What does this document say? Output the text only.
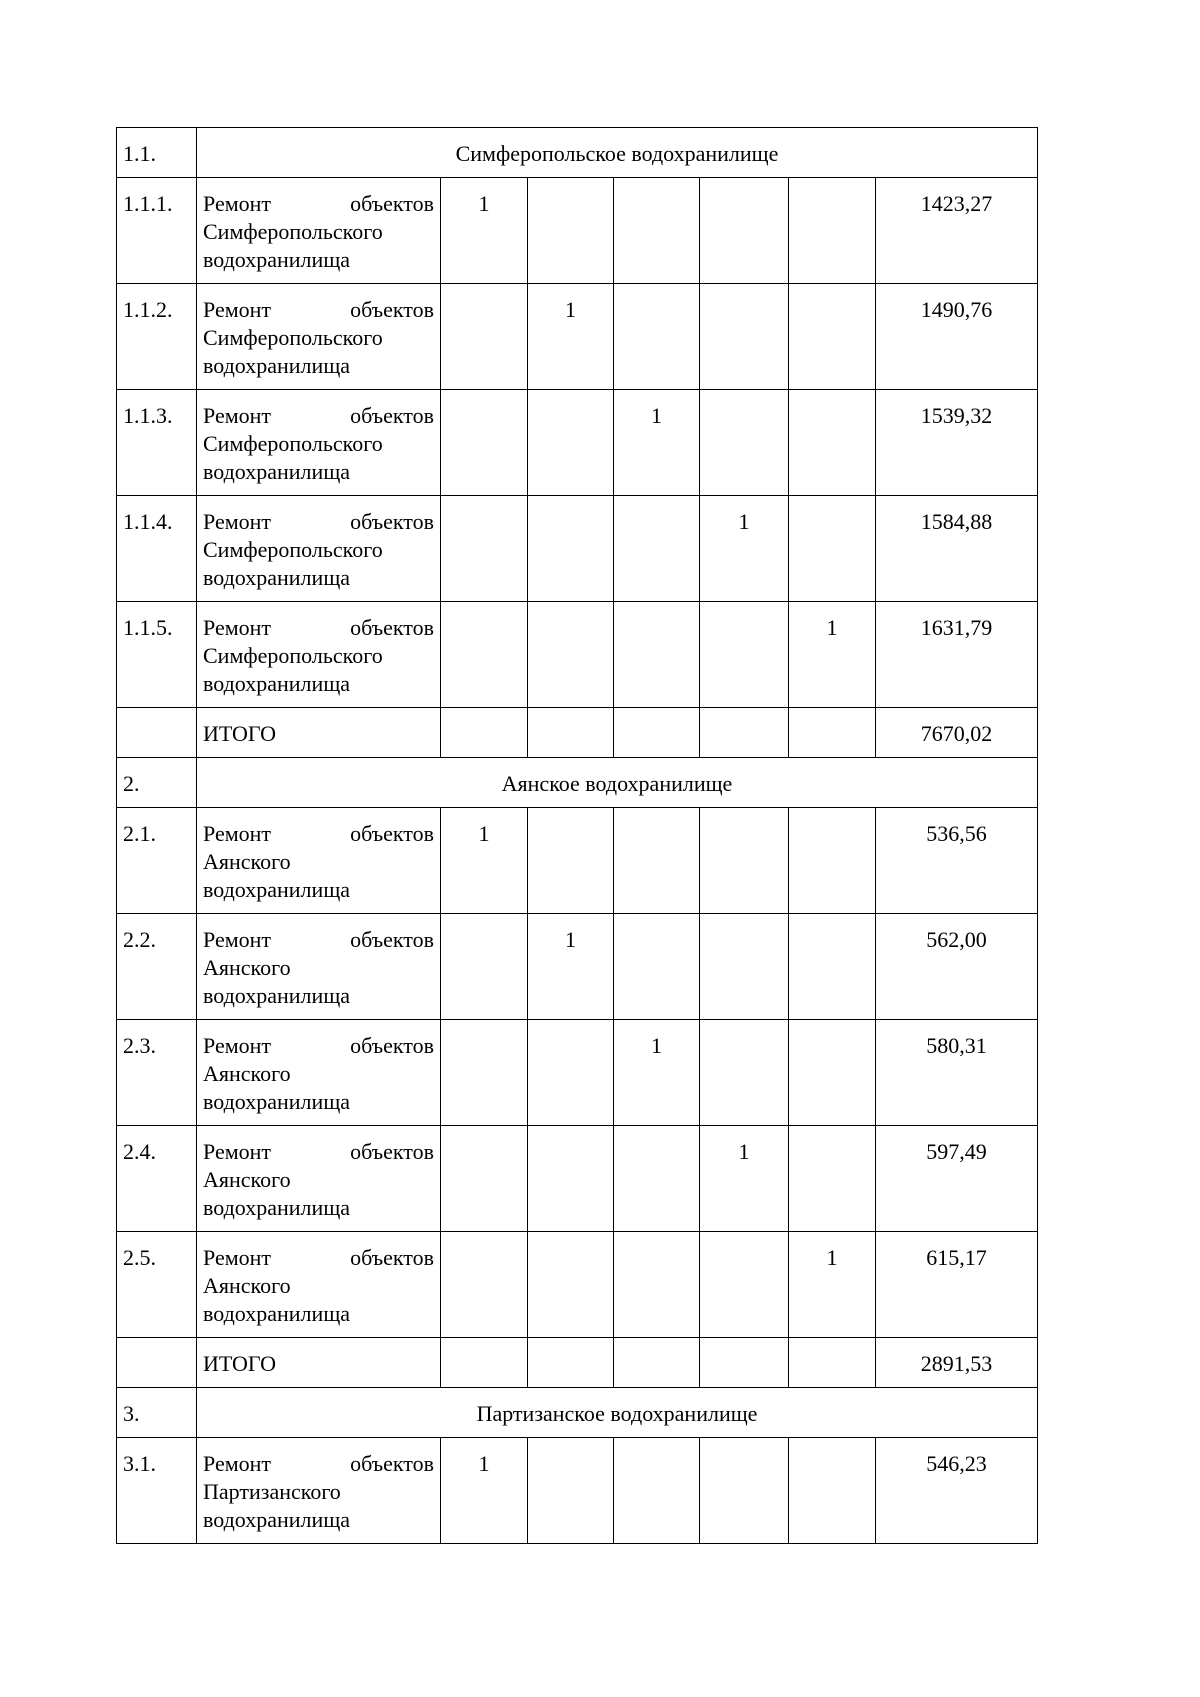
1.1.	Симферопольское водохранилище						
1.1.1.	Ремонт объектов Симферопольского водохранилища	1					1423,27
1.1.2.	Ремонт объектов Симферопольского водохранилища		1				1490,76
1.1.3.	Ремонт объектов Симферопольского водохранилища			1			1539,32
1.1.4.	Ремонт объектов Симферопольского водохранилища				1		1584,88
1.1.5.	Ремонт объектов Симферопольского водохранилища					1	1631,79
	ИТОГО						7670,02
2.	Аянское водохранилище						
2.1.	Ремонт объектов Аянского водохранилища	1					536,56
2.2.	Ремонт объектов Аянского водохранилища		1				562,00
2.3.	Ремонт объектов Аянского водохранилища			1			580,31
2.4.	Ремонт объектов Аянского водохранилища				1		597,49
2.5.	Ремонт объектов Аянского водохранилища					1	615,17
	ИТОГО						2891,53
3.	Партизанское водохранилище						
3.1.	Ремонт объектов Партизанского водохранилища	1					546,23
